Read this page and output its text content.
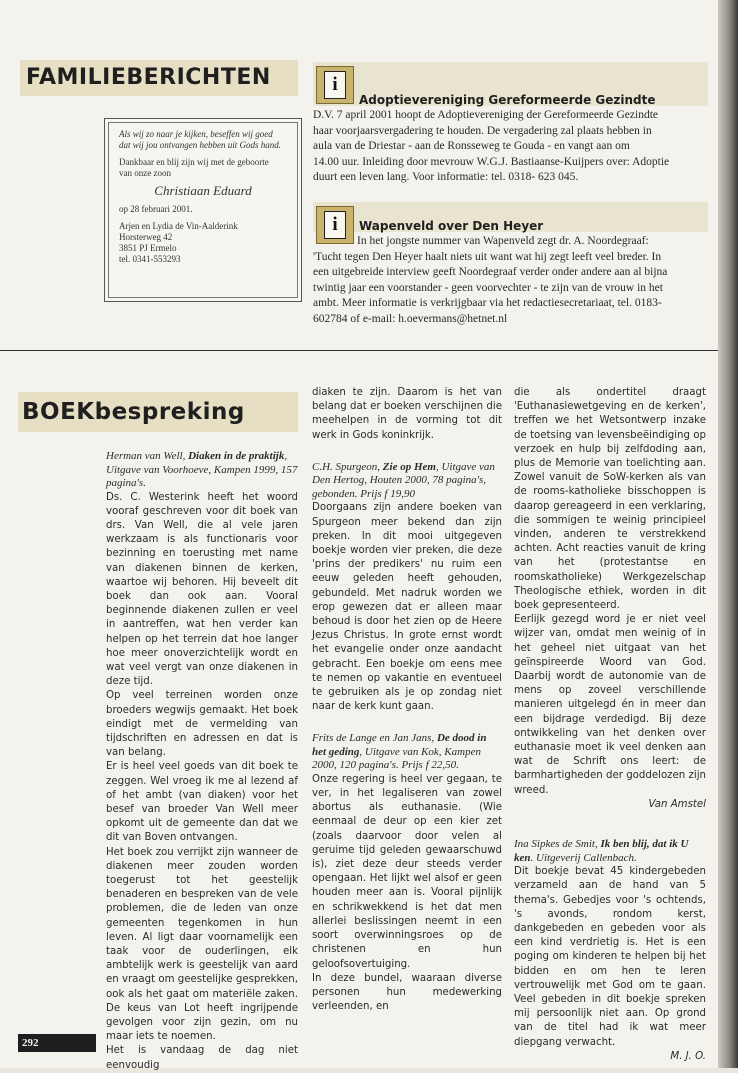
FAMILIEBERICHTEN

Als wij zo naar je kijken, beseffen wij goed
dat wij jou ontvangen hebben uit Gods hand.

Dankbaar en blij zijn wij met de geboorte
van onze zoon

Christiaan Eduard

op 28 februari 2001.

Arjen en Lydia de Vin-Aalderink
Horsterweg 42
3851 PJ Ermelo
tel. 0341-553293

i
Adoptievereniging Gereformeerde Gezindte
D.V. 7 april 2001 hoopt de Adoptievereniging der Gereformeerde Gezindte
haar voorjaarsvergadering te houden. De vergadering zal plaats hebben in
aula van de Driestar - aan de Ronsseweg te Gouda - en vangt aan om
14.00 uur. Inleiding door mevrouw W.G.J. Bastiaanse-Kuijpers over: Adoptie
duurt een leven lang. Voor informatie: tel. 0318- 623 045.
i	Wapenveld over Den Heyer
In het jongste nummer van Wapenveld zegt dr. A. Noordegraaf:
'Tucht tegen Den Heyer haalt niets uit want wat hij zegt leeft veel breder. In
een uitgebreide interview geeft Noordegraaf verder onder andere aan al bijna
twintig jaar een voorstander - geen voorvechter - te zijn van de vrouw in het
ambt. Meer informatie is verkrijgbaar via het redactiesecretariaat, tel. 0183-
602784 of e-mail: h.oevermans@hetnet.nl
BOEKbespreking

Herman van Well, Diaken in de praktijk, Uitgave van Voorhoeve, Kampen 1999, 157 pagina's.

Ds. C. Westerink heeft het woord vooraf geschreven voor dit boek van drs. Van Well, die al vele jaren werkzaam is als functionaris voor bezinning en toerusting met name van diakenen binnen de kerken, waartoe wij behoren. Hij beveelt dit boek dan ook aan. Vooral beginnende diakenen zullen er veel in aantreffen, wat hen verder kan helpen op het terrein dat hoe langer hoe meer onoverzichtelijk wordt en wat veel vergt van onze diakenen in deze tijd.

Op veel terreinen worden onze broeders wegwijs gemaakt. Het boek eindigt met de vermelding van tijdschriften en adressen en dat is van belang.

Er is heel veel goeds van dit boek te zeggen. Wel vroeg ik me al lezend af of het ambt (van diaken) voor het besef van broeder Van Well meer opkomt uit de gemeente dan dat we dit van Boven ontvangen.

Het boek zou verrijkt zijn wanneer de diakenen meer zouden worden toegerust tot het geestelijk benaderen en bespreken van de vele problemen, die de leden van onze gemeenten tegenkomen in hun leven. Al ligt daar voornamelijk een taak voor de ouderlingen, elk ambtelijk werk is geestelijk van aard en vraagt om geestelijke gesprekken, ook als het gaat om materiële zaken. De keus van Lot heeft ingrijpende gevolgen voor zijn gezin, om nu maar iets te noemen.

Het is vandaag de dag niet eenvoudig

diaken te zijn. Daarom is het van belang dat er boeken verschijnen die meehelpen in de vorming tot dit werk in Gods koninkrijk.

C.H. Spurgeon, Zie op Hem, Uitgave van Den Hertog, Houten 2000, 78 pagina's, gebonden. Prijs f 19,90

Doorgaans zijn andere boeken van Spurgeon meer bekend dan zijn preken. In dit mooi uitgegeven boekje worden vier preken, die deze 'prins der predikers' nu ruim een eeuw geleden heeft gehouden, gebundeld. Met nadruk worden we erop gewezen dat er alleen maar behoud is door het zien op de Heere Jezus Christus. In grote ernst wordt het evangelie onder onze aandacht gebracht. Een boekje om eens mee te nemen op vakantie en eventueel te gebruiken als je op zondag niet naar de kerk kunt gaan.

Frits de Lange en Jan Jans, De dood in het geding, Uitgave van Kok, Kampen 2000, 120 pagina's. Prijs f 22,50.

Onze regering is heel ver gegaan, te ver, in het legaliseren van zowel abortus als euthanasie. (Wie eenmaal de deur op een kier zet (zoals daarvoor door velen al geruime tijd geleden gewaarschuwd is), ziet deze deur steeds verder opengaan. Het lijkt wel alsof er geen houden meer aan is. Vooral pijnlijk en schrikwekkend is het dat men allerlei beslissingen neemt in een soort overwinningsroes op de christenen en hun geloofsovertuiging.

In deze bundel, waaraan diverse personen hun medewerking verleenden, en

die als ondertitel draagt 'Euthanasiewetgeving en de kerken', treffen we het Wetsontwerp inzake de toetsing van levensbeëindiging op verzoek en hulp bij zelfdoding aan, plus de Memorie van toelichting aan. Zowel vanuit de SoW-kerken als van de rooms-katholieke bisschoppen is daarop gereageerd in een verklaring, die sommigen te weinig principieel vinden, anderen te verstrekkend achten. Acht reacties vanuit de kring van het (protestantse en roomskatholieke) Werkgezelschap Theologische ethiek, worden in dit boek gepresenteerd.

Eerlijk gezegd word je er niet veel wijzer van, omdat men weinig of in het geheel niet uitgaat van het geïnspireerde Woord van God. Daarbij wordt de autonomie van de mens op zoveel verschillende manieren uitgelegd én in meer dan een bijdrage verdedigd. Bij deze ontwikkeling van het denken over euthanasie moet ik veel denken aan wat de Schrift ons leert: de barmhartigheden der goddelozen zijn wreed.

Van Amstel

Ina Sipkes de Smit, Ik ben blij, dat ik U ken. Uitgeverij Callenbach.

Dit boekje bevat 45 kindergebeden verzameld aan de hand van 5 thema's. Gebedjes voor 's ochtends, 's avonds, rondom kerst, dankgebeden en gebeden voor als een kind verdrietig is. Het is een poging om kinderen te helpen bij het bidden en om hen te leren vertrouwelijk met God om te gaan. Veel gebeden in dit boekje spreken mij persoonlijk niet aan. Op grond van de titel had ik wat meer diepgang verwacht.

M. J. O.

292
